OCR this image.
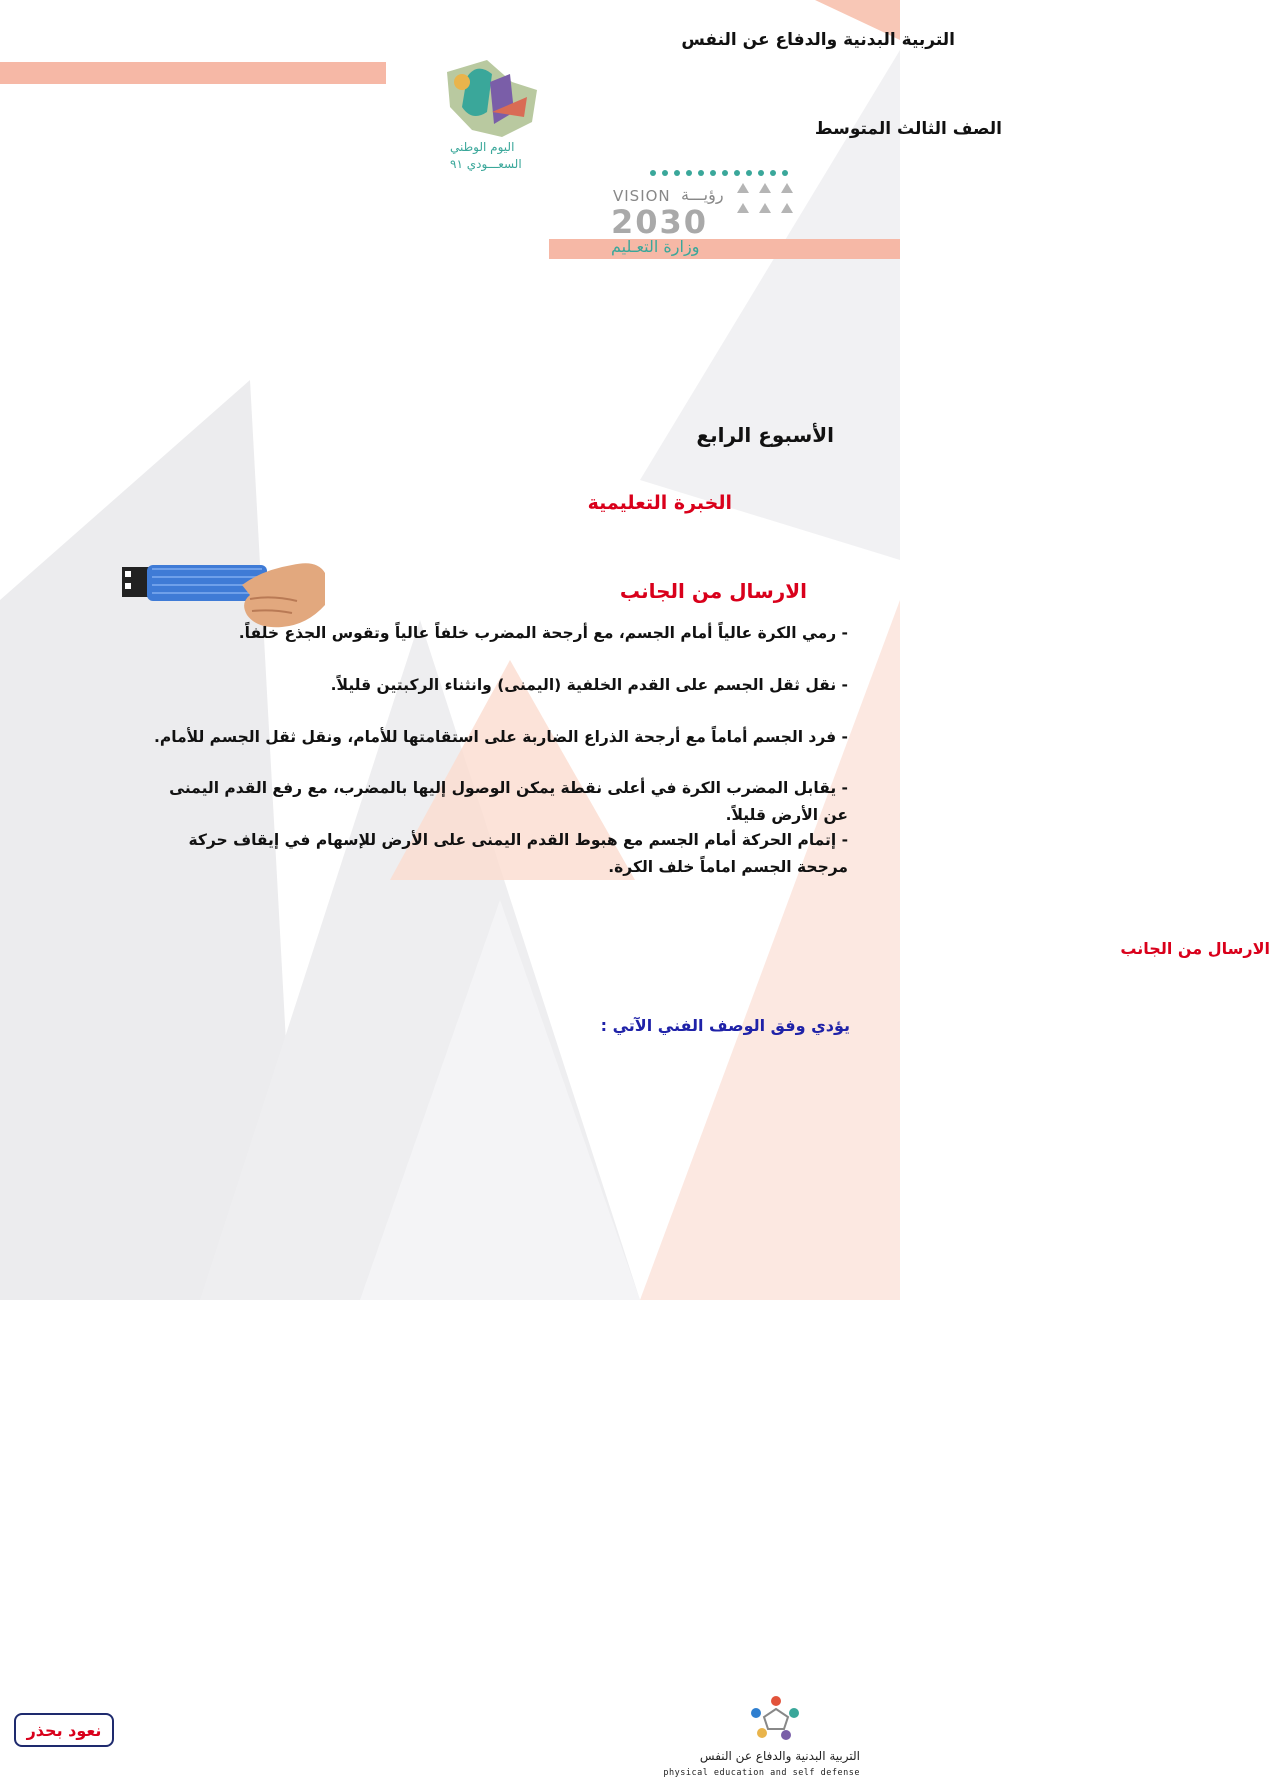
التربية البدنية والدفاع عن النفس
الصف الثالث المتوسط
اليوم الوطني
السعـــودي ٩١
VISION رؤيـــة
2030
وزارة التعـليم
الأسبوع الرابع
الخبرة التعليمية
الارسال من الجانب
الارسال من الجانب
يؤدي وفق الوصف الفني الآتي :
- رمي الكرة عالياً أمام الجسم، مع أرجحة المضرب خلفاً عالياً وتقوس الجذع خلفاً.
- نقل ثقل الجسم على القدم الخلفية (اليمنى) وانثناء الركبتين قليلاً.
- فرد الجسم أماماً مع أرجحة الذراع الضاربة على استقامتها للأمام، ونقل ثقل الجسم للأمام.
- يقابل المضرب الكرة في أعلى نقطة يمكن الوصول إليها بالمضرب، مع رفع القدم اليمنى عن الأرض قليلاً.
- إتمام الحركة أمام الجسم مع هبوط القدم اليمنى على الأرض للإسهام في إيقاف حركة مرجحة الجسم اماماً خلف الكرة.
نعود بحذر
التربية البدنية والدفاع عن النفس
physical education and self defense
